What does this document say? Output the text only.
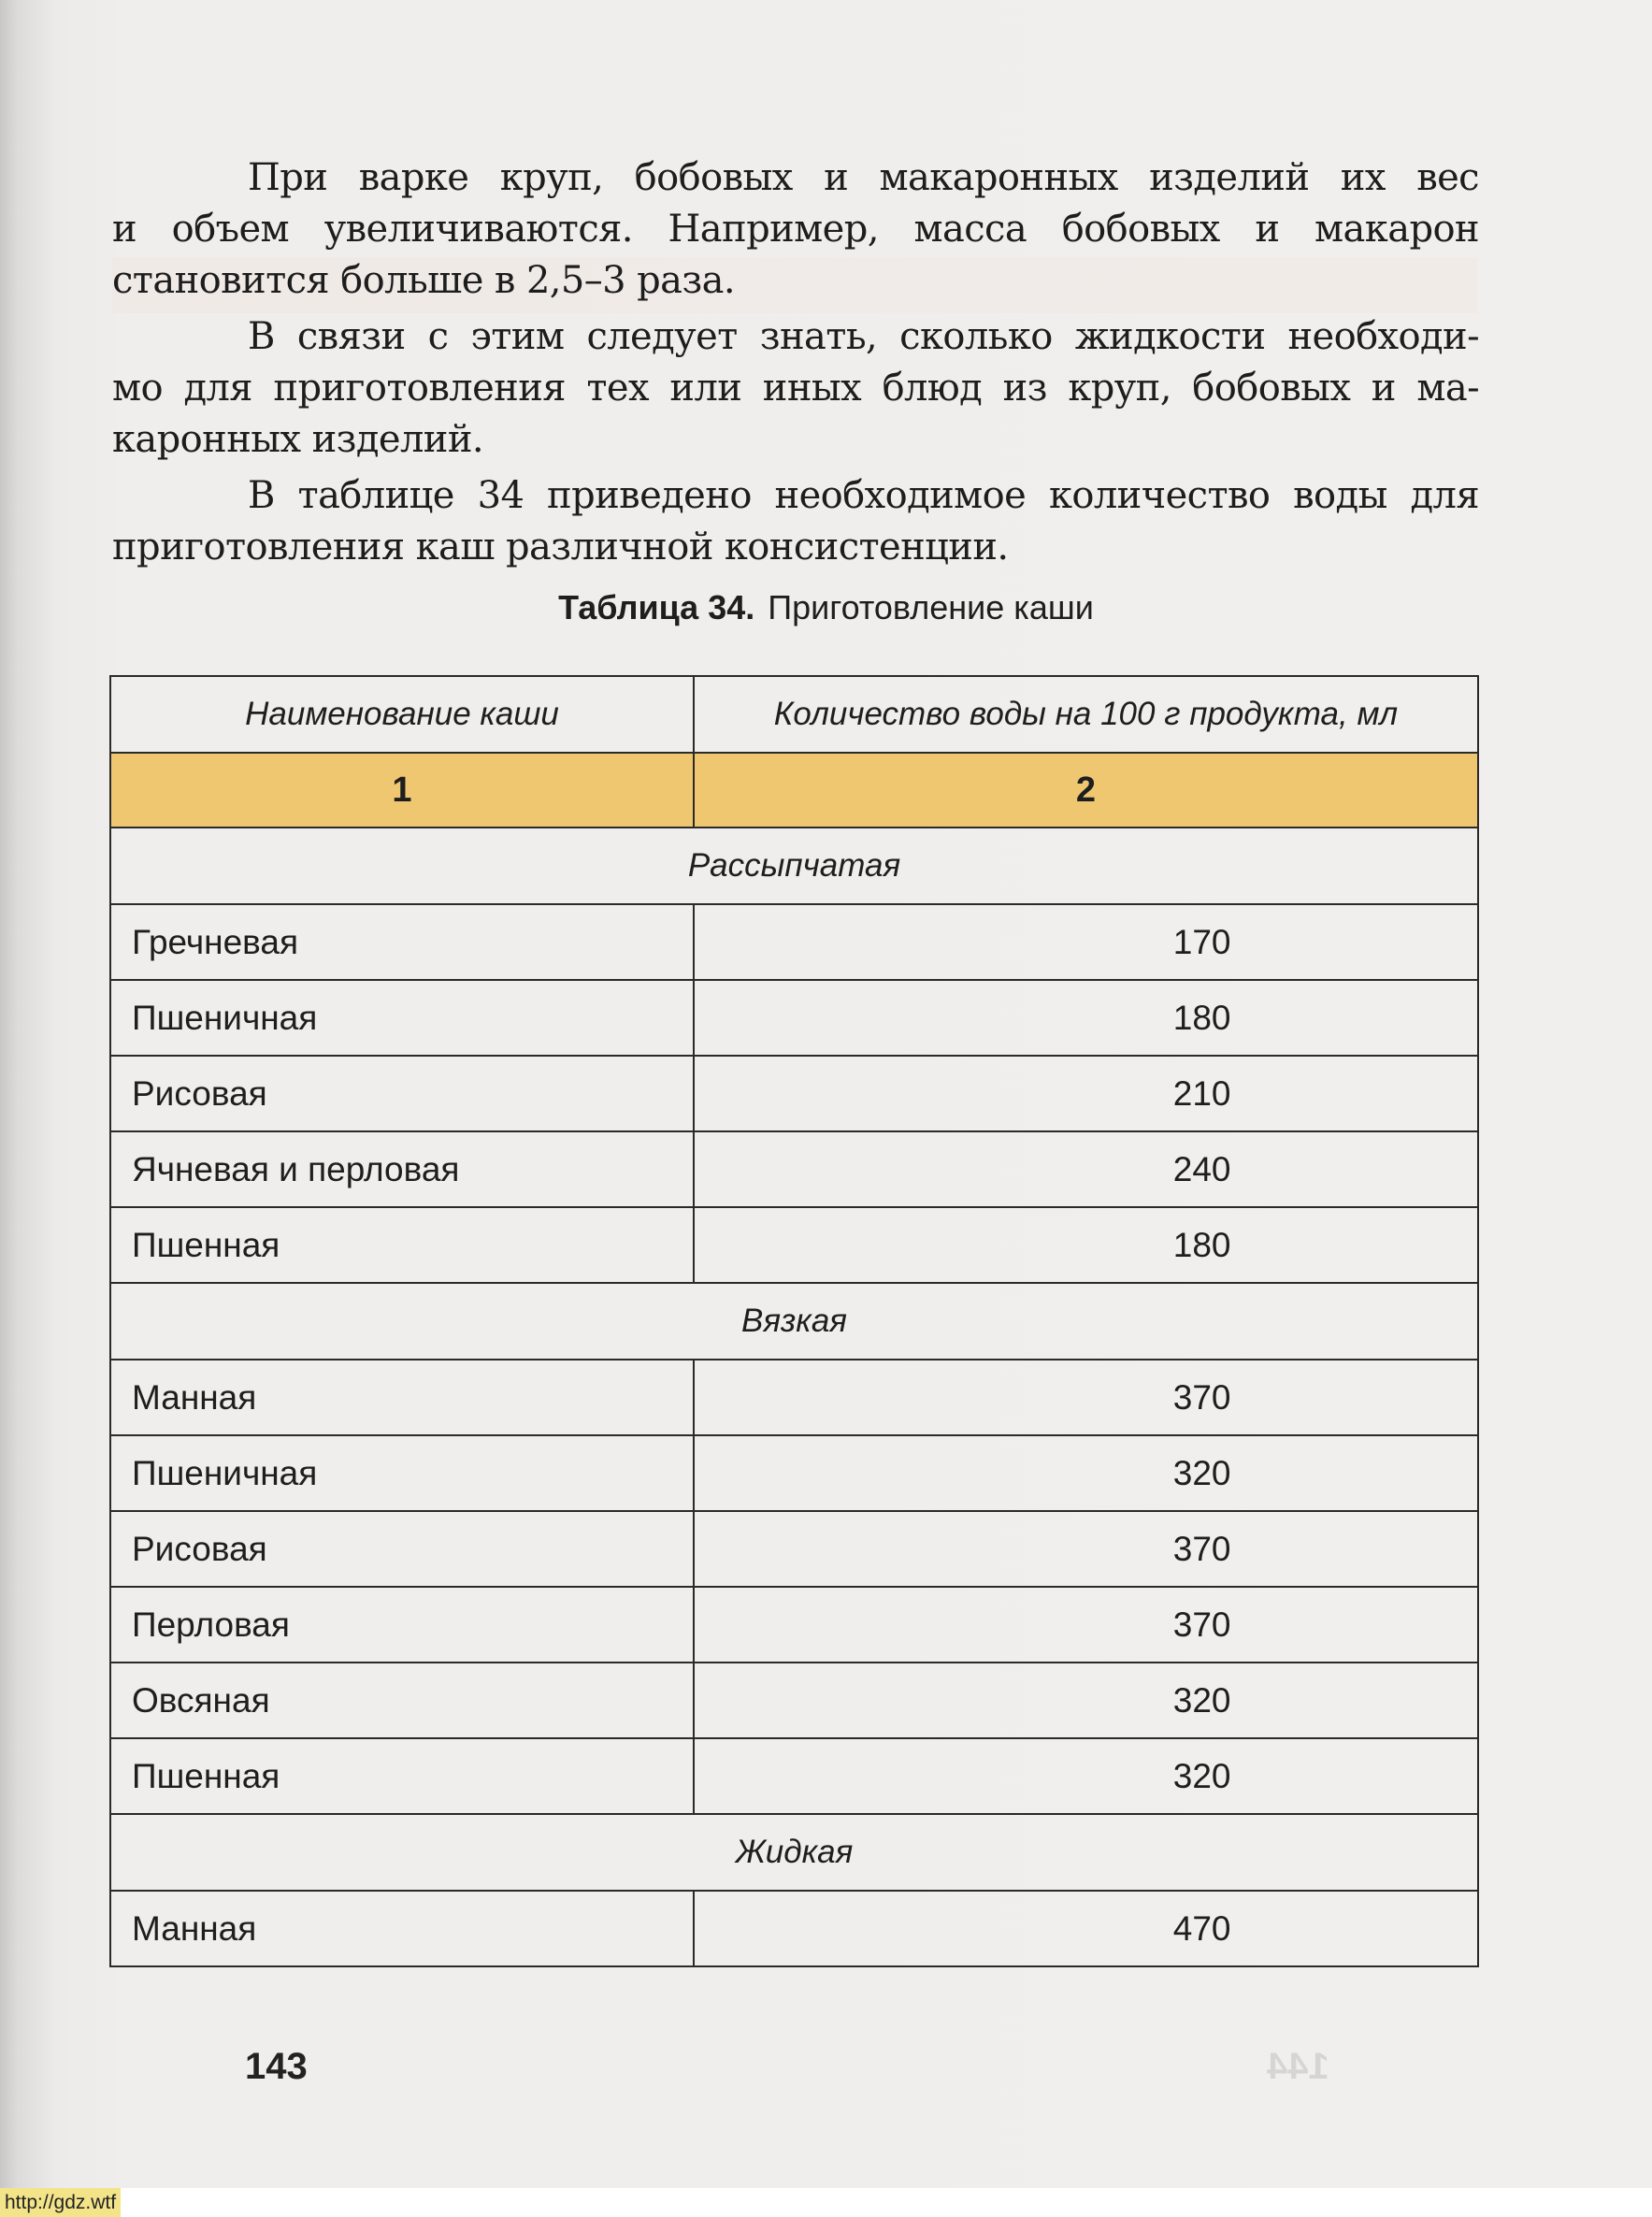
При варке круп, бобовых и макаронных изделий их вес
и объем увеличиваются. Например, масса бобовых и макарон
становится больше в 2,5–3 раза.
В связи с этим следует знать, сколько жидкости необходи-
мо для приготовления тех или иных блюд из круп, бобовых и ма-
каронных изделий.
В таблице 34 приведено необходимое количество воды для
приготовления каш различной консистенции.
Таблица 34. Приготовление каши
Наименование каши	Количество воды на 100 г продукта, мл
1	2
Рассыпчатая	
Гречневая	170
Пшеничная	180
Рисовая	210
Ячневая и перловая	240
Пшенная	180
Вязкая	
Манная	370
Пшеничная	320
Рисовая	370
Перловая	370
Овсяная	320
Пшенная	320
Жидкая	
Манная	470
143	144
http://gdz.wtf
